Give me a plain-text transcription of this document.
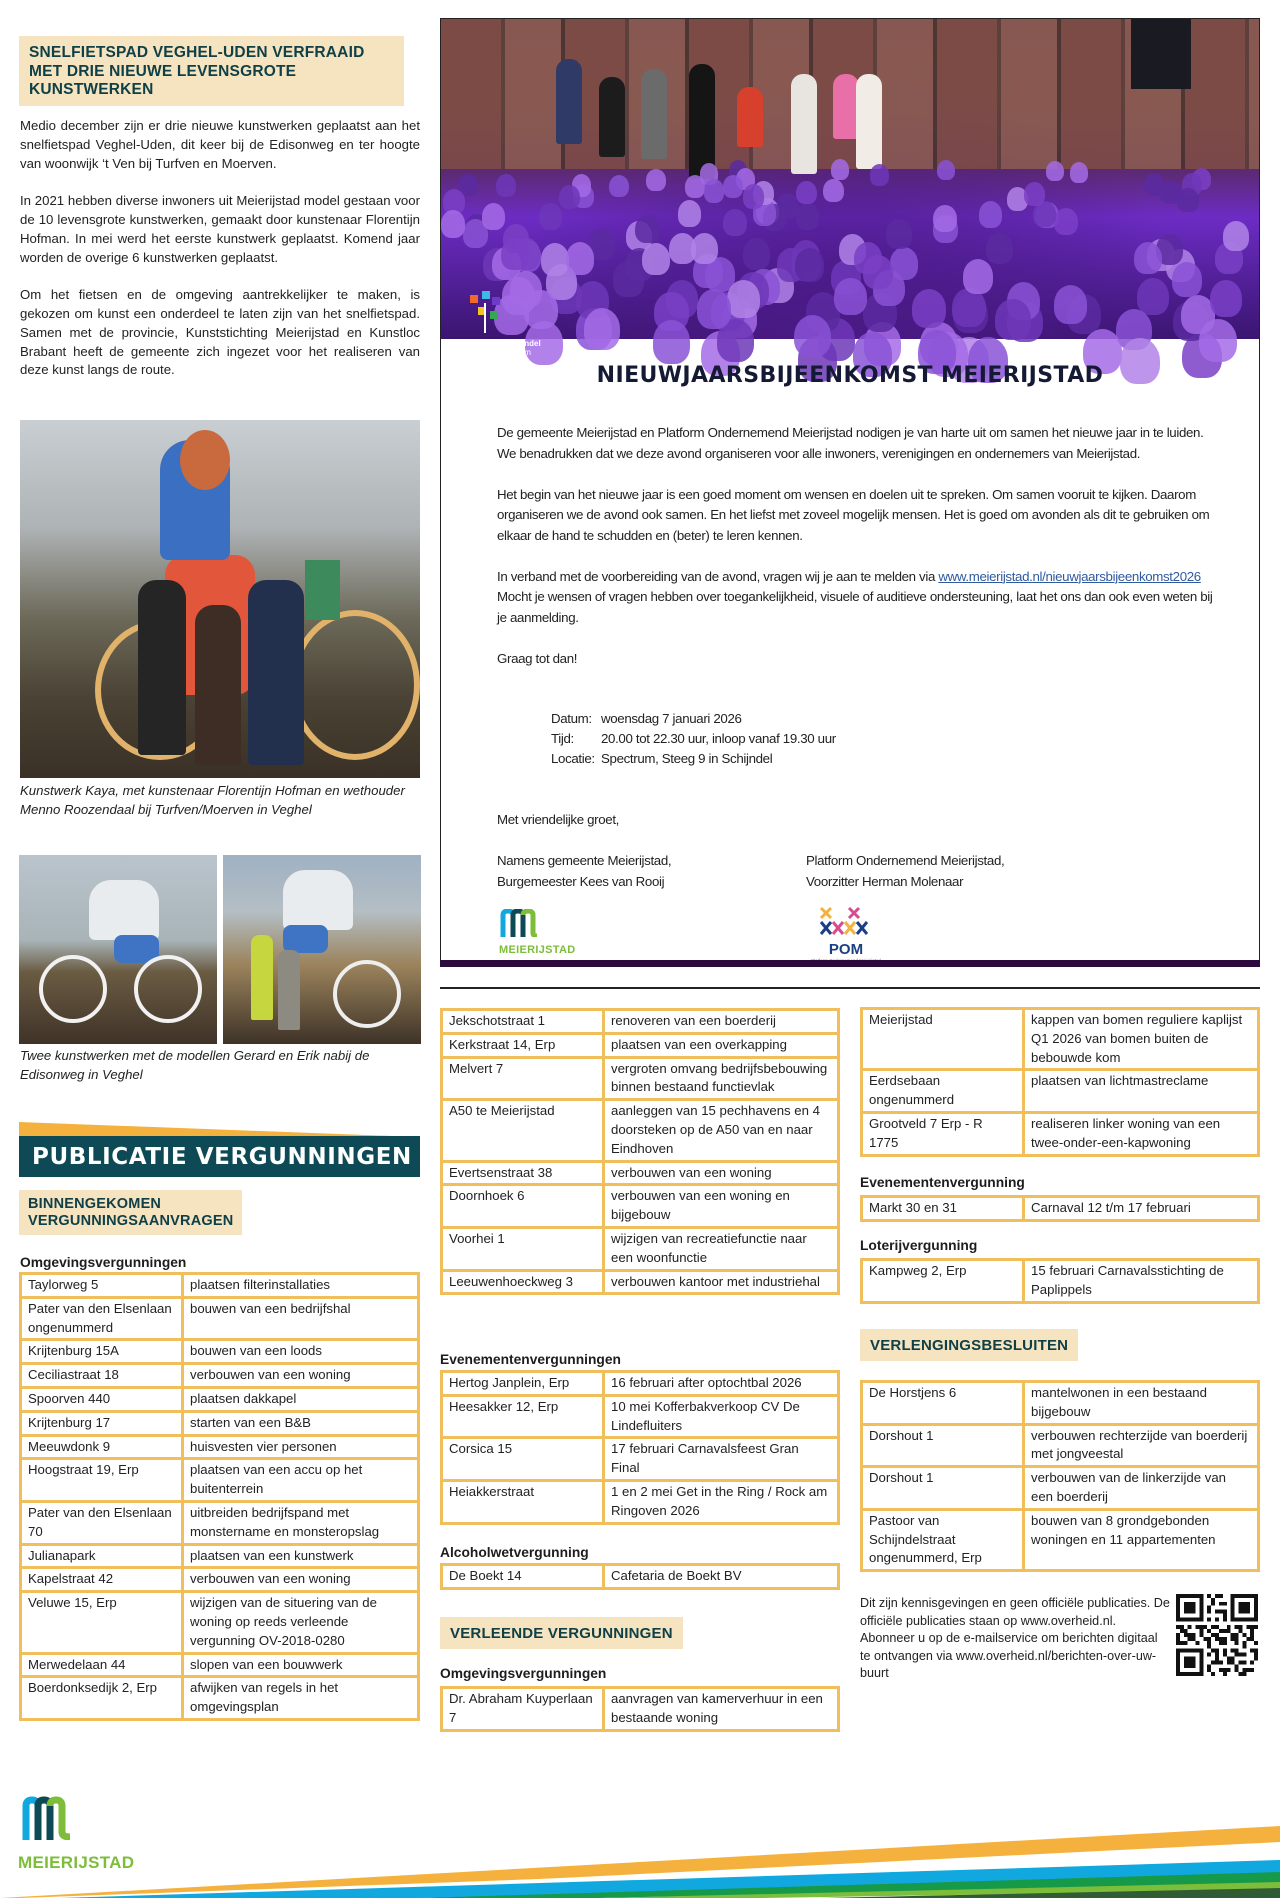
SNELFIETSPAD VEGHEL-UDEN VERFRAAID
MET DRIE NIEUWE LEVENSGROTE
KUNSTWERKEN

Medio december zijn er drie nieuwe kunstwerken geplaatst aan het snelfietspad Veghel-Uden, dit keer bij de Edisonweg en ter hoogte van woonwijk ‘t Ven bij Turfven en Moerven.

In 2021 hebben diverse inwoners uit Meierijstad model gestaan voor de 10 levensgrote kunstwerken, gemaakt door kunstenaar Florentijn Hofman. In mei werd het eerste kunstwerk geplaatst. Komend jaar worden de overige 6 kunstwerken geplaatst.

Om het fietsen en de omgeving aantrekkelijker te maken, is gekozen om kunst een onderdeel te laten zijn van het snelfietspad. Samen met de provincie, Kunststichting Meierijstad en Kunstloc Brabant heeft de gemeente zich ingezet voor het realiseren van deze kunst langs de route.

Kunstwerk Kaya, met kunstenaar Florentijn Hofman en wethouder Menno Roozendaal bij Turfven/Moerven in Veghel
Twee kunstwerken met de modellen Gerard en Erik nabij de Edisonweg in Veghel
PUBLICATIE VERGUNNINGEN
BINNENGEKOMEN
VERGUNNINGSAANVRAGEN
Omgevingsvergunningen
Taylorweg 5	plaatsen filterinstallaties
Pater van den Elsenlaan ongenummerd	bouwen van een bedrijfshal
Krijtenburg 15A	bouwen van een loods
Ceciliastraat 18	verbouwen van een woning
Spoorven 440	plaatsen dakkapel
Krijtenburg 17	starten van een B&B
Meeuwdonk 9	huisvesten vier personen
Hoogstraat 19, Erp	plaatsen van een accu op het buitenterrein
Pater van den Elsenlaan 70	uitbreiden bedrijfspand met monstername en monsteropslag
Julianapark	plaatsen van een kunstwerk
Kapelstraat 42	verbouwen van een woning
Veluwe 15, Erp	wijzigen van de situering van de woning op reeds verleende vergunning OV-2018-0280
Merwedelaan 44	slopen van een bouwwerk
Boerdonksedijk 2, Erp	afwijken van regels in het omgevingsplan
Spectrum Schijndel
Cultureel Centrum
NIEUWJAARSBIJEENKOMST MEIERIJSTAD

De gemeente Meierijstad en Platform Ondernemend Meierijstad nodigen je van harte uit om samen het nieuwe jaar in te luiden. We benadrukken dat we deze avond organiseren voor alle inwoners, verenigingen en ondernemers van Meierijstad.

Het begin van het nieuwe jaar is een goed moment om wensen en doelen uit te spreken. Om samen vooruit te kijken. Daarom organiseren we de avond ook samen. En het liefst met zoveel mogelijk mensen. Het is goed om avonden als dit te gebruiken om elkaar de hand te schudden en (beter) te leren kennen.

In verband met de voorbereiding van de avond, vragen wij je aan te melden via www.meierijstad.nl/nieuwjaarsbijeenkomst2026 Mocht je wensen of vragen hebben over toegankelijkheid, visuele of auditieve ondersteuning, laat het ons dan ook even weten bij je aanmelding.

Graag tot dan!

Datum: woensdag 7 januari 2026
Tijd:	20.00 tot 22.30 uur, inloop vanaf 19.30 uur
Locatie: Spectrum, Steeg 9 in Schijndel
Met vriendelijke groet,
Namens gemeente Meierijstad,
Burgemeester Kees van Rooij
Platform Ondernemend Meierijstad,
Voorzitter Herman Molenaar
MEIERIJSTAD	POM
Jekschotstraat 1	renoveren van een boerderij
Kerkstraat 14, Erp	plaatsen van een overkapping
Melvert 7	vergroten omvang bedrijfsbebouwing binnen bestaand functievlak
A50 te Meierijstad	aanleggen van 15 pechhavens en 4 doorsteken op de A50 van en naar Eindhoven
Evertsenstraat 38	verbouwen van een woning
Doornhoek 6	verbouwen van een woning en bijgebouw
Voorhei 1	wijzigen van recreatiefunctie naar een woonfunctie
Leeuwenhoeckweg 3	verbouwen kantoor met industriehal
Evenementenvergunningen
Hertog Janplein, Erp	16 februari after optochtbal 2026
Heesakker 12, Erp	10 mei Kofferbakverkoop CV De Lindefluiters
Corsica 15	17 februari Carnavalsfeest Gran Final
Heiakkerstraat	1 en 2 mei Get in the Ring / Rock am Ringoven 2026
Alcoholwetvergunning
De Boekt 14	Cafetaria de Boekt BV
VERLEENDE VERGUNNINGEN
Omgevingsvergunningen
Dr. Abraham Kuyperlaan 7	aanvragen van kamerverhuur in een bestaande woning
Meierijstad	kappen van bomen reguliere kaplijst Q1 2026 van bomen buiten de bebouwde kom
Eerdsebaan ongenummerd	plaatsen van lichtmastreclame
Grootveld 7 Erp - R 1775	realiseren linker woning van een twee-onder-een-kapwoning
Evenementenvergunning
Markt 30 en 31	Carnaval 12 t/m 17 februari
Loterijvergunning
Kampweg 2, Erp	15 februari Carnavalsstichting de Paplippels
VERLENGINGSBESLUITEN
De Horstjens 6	mantelwonen in een bestaand bijgebouw
Dorshout 1	verbouwen rechterzijde van boerderij met jongveestal
Dorshout 1	verbouwen van de linkerzijde van een boerderij
Pastoor van Schijndelstraat ongenummerd, Erp	bouwen van 8 grondgebonden woningen en 11 appartementen
Dit zijn kennisgevingen en geen officiële publicaties. De officiële publicaties staan op www.overheid.nl. Abonneer u op de e-mailservice om berichten digitaal te ontvangen via www.overheid.nl/berichten-over-uw-buurt
MEIERIJSTAD
